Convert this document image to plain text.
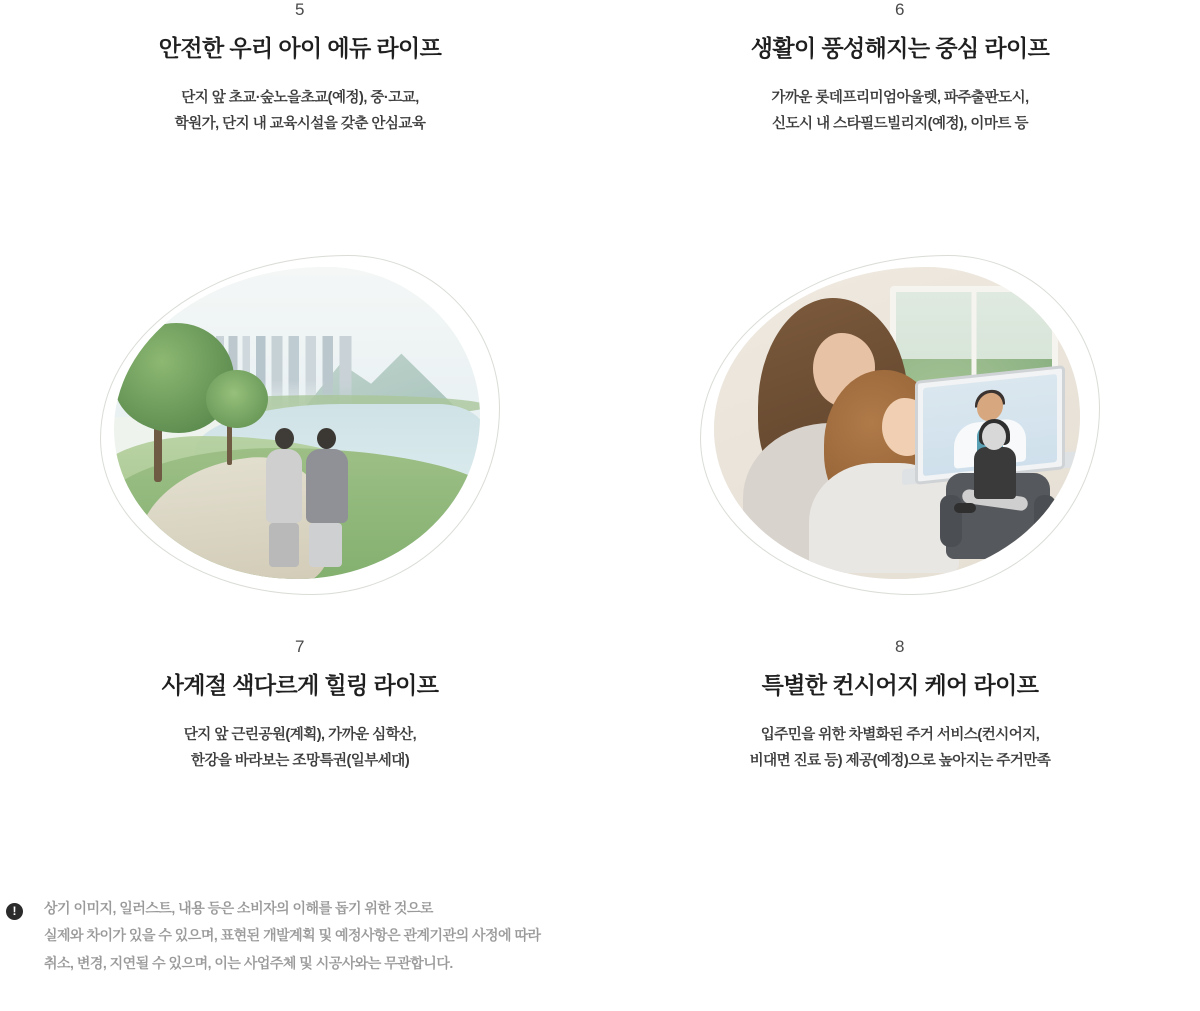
5
안전한 우리 아이 에듀 라이프
단지 앞 초교·숲노을초교(예정), 중·고교,
학원가, 단지 내 교육시설을 갖춘 안심교육
6
생활이 풍성해지는 중심 라이프
가까운 롯데프리미엄아울렛, 파주출판도시,
신도시 내 스타필드빌리지(예정), 이마트 등
7
사계절 색다르게 힐링 라이프
단지 앞 근린공원(계획), 가까운 심학산,
한강을 바라보는 조망특권(일부세대)
8
특별한 컨시어지 케어 라이프
입주민을 위한 차별화된 주거 서비스(컨시어지,
비대면 진료 등) 제공(예정)으로 높아지는 주거만족
!	상기 이미지, 일러스트, 내용 등은 소비자의 이해를 돕기 위한 것으로
실제와 차이가 있을 수 있으며, 표현된 개발계획 및 예정사항은 관계기관의 사정에 따라
취소, 변경, 지연될 수 있으며, 이는 사업주체 및 시공사와는 무관합니다.
